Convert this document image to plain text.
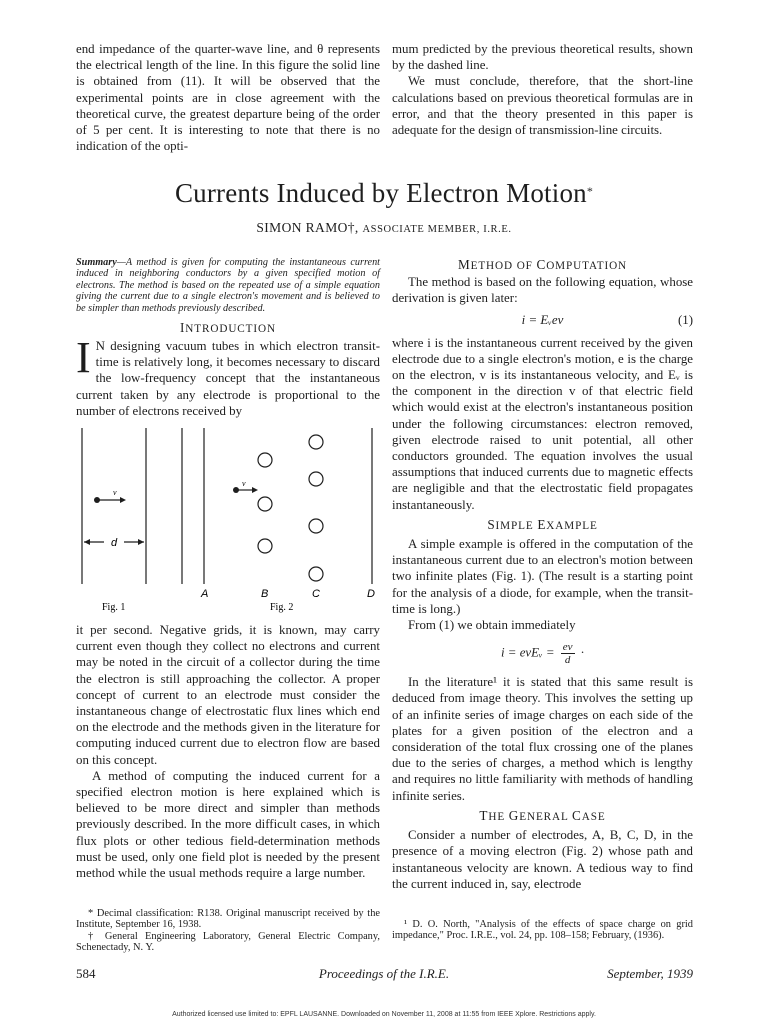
end impedance of the quarter-wave line, and θ represents the electrical length of the line. In this figure the solid line is obtained from (11). It will be observed that the experimental points are in close agreement with the theoretical curve, the greatest departure being of the order of 5 per cent. It is interesting to note that there is no indication of the opti-

mum predicted by the previous theoretical results, shown by the dashed line.

We must conclude, therefore, that the short-line calculations based on previous theoretical formulas are in error, and that the theory presented in this paper is adequate for the design of transmission-line circuits.

Currents Induced by Electron Motion*
SIMON RAMO†, ASSOCIATE MEMBER, I.R.E.
Summary—A method is given for computing the instantaneous current induced in neighboring conductors by a given specified motion of electrons. The method is based on the repeated use of a simple equation giving the current due to a single electron's movement and is believed to be simpler than methods previously described.
INTRODUCTION
I N designing vacuum tubes in which electron transit-time is relatively long, it becomes necessary to discard the low-frequency concept that the instantaneous current taken by any electrode is proportional to the number of electrons received by
v
v
d
A	B	C	D
Fig. 1	Fig. 2

it per second. Negative grids, it is known, may carry current even though they collect no electrons and current may be noted in the circuit of a collector during the time the electron is still approaching the collector. A proper concept of current to an electrode must consider the instantaneous change of electrostatic flux lines which end on the electrode and the methods given in the literature for computing induced current due to electron flow are based on this concept.

A method of computing the induced current for a specified electron motion is here explained which is believed to be more direct and simpler than methods previously described. In the more difficult cases, in which flux plots or other tedious field-determination methods must be used, only one field plot is needed by the present method while the usual methods require a large number.

METHOD OF COMPUTATION

The method is based on the following equation, whose derivation is given later:

i = Eᵥev	(1)

where i is the instantaneous current received by the given electrode due to a single electron's motion, e is the charge on the electron, v is its instantaneous velocity, and Eᵥ is the component in the direction v of that electric field which would exist at the electron's instantaneous position under the following circumstances: electron removed, given electrode raised to unit potential, all other conductors grounded. The equation involves the usual assumptions that induced currents due to magnetic effects are negligible and that the electrostatic field propagates instantaneously.

SIMPLE EXAMPLE

A simple example is offered in the computation of the instantaneous current due to an electron's motion between two infinite plates (Fig. 1). (The result is a starting point for the analysis of a diode, for example, when the transit-time is long.)

From (1) we obtain immediately

i = evEᵥ = $\frac{ev}{d}$ ·

In the literature¹ it is stated that this same result is deduced from image theory. This involves the setting up of an infinite series of image charges on each side of the plates for a given position of the electron and a consideration of the total flux crossing one of the planes due to the series of charges, a method which is lengthy and requires no little familiarity with methods of handling infinite series.

THE GENERAL CASE

Consider a number of electrodes, A, B, C, D, in the presence of a moving electron (Fig. 2) whose path and instantaneous velocity are known. A tedious way to find the current induced in, say, electrode

* Decimal classification: R138. Original manuscript received by the Institute, September 16, 1938.

† General Engineering Laboratory, General Electric Company, Schenectady, N. Y.

¹ D. O. North, "Analysis of the effects of space charge on grid impedance," Proc. I.R.E., vol. 24, pp. 108–158; February, (1936).

584	Proceedings of the I.R.E.	September, 1939
Authorized licensed use limited to: EPFL LAUSANNE. Downloaded on November 11, 2008 at 11:55 from IEEE Xplore. Restrictions apply.
